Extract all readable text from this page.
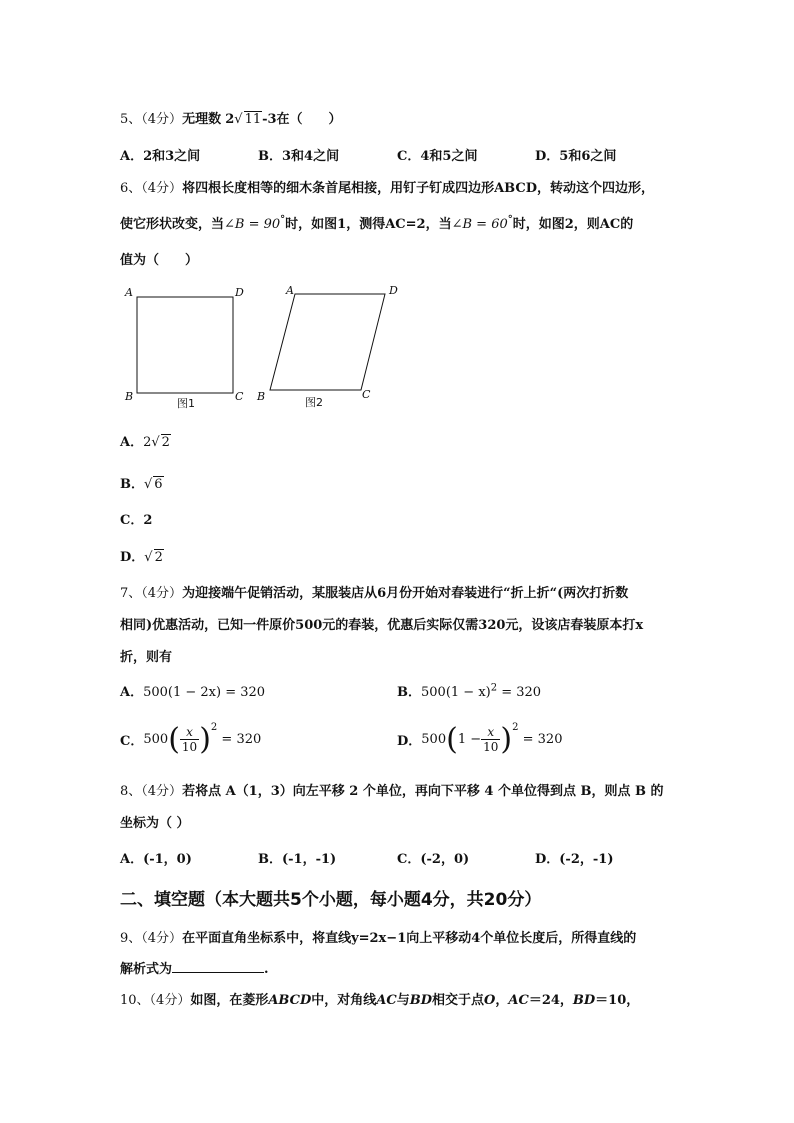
5、（4分）无理数 2√ 11-3在（　　）
A．2和3之间	B．3和4之间	C．4和5之间	D．5和6之间
6、（4分）将四根长度相等的细木条首尾相接，用钉子钉成四边形ABCD，转动这个四边形，
使它形状改变，当∠B = 90°时，如图1，测得AC=2，当∠B = 60°时，如图2，则AC的
值为（　　）
A	D
B	C
图1
A	D
B	C
图2
A．2√ 2
B．√ 6
C．2
D．√ 2
7、（4分）为迎接端午促销活动，某服装店从6月份开始对春装进行“折上折“(两次打折数
相同)优惠活动，已知一件原价500元的春装，优惠后实际仅需320元，设该店春装原本打x
折，则有
A．500(1 − 2x) = 320	B．$500(1 - x)^2 = 320$
C．$500( \frac{x}{10} )^2 = 320$	D．$500(1 - \frac{x}{10} )^2 = 320$
8、（4分）若将点 A（1，3）向左平移 2 个单位，再向下平移 4 个单位得到点 B，则点 B 的
坐标为（ ）
A．(-1，0)	B．(-1，-1)	C．(-2，0)	D．(-2，-1)
二、填空题（本大题共5个小题，每小题4分，共20分）
9、（4分）在平面直角坐标系中，将直线y=2x−1向上平移动4个单位长度后，所得直线的
解析式为	.
10、（4分）如图，在菱形ABCD中，对角线AC与BD相交于点O，AC＝24，BD＝10，
